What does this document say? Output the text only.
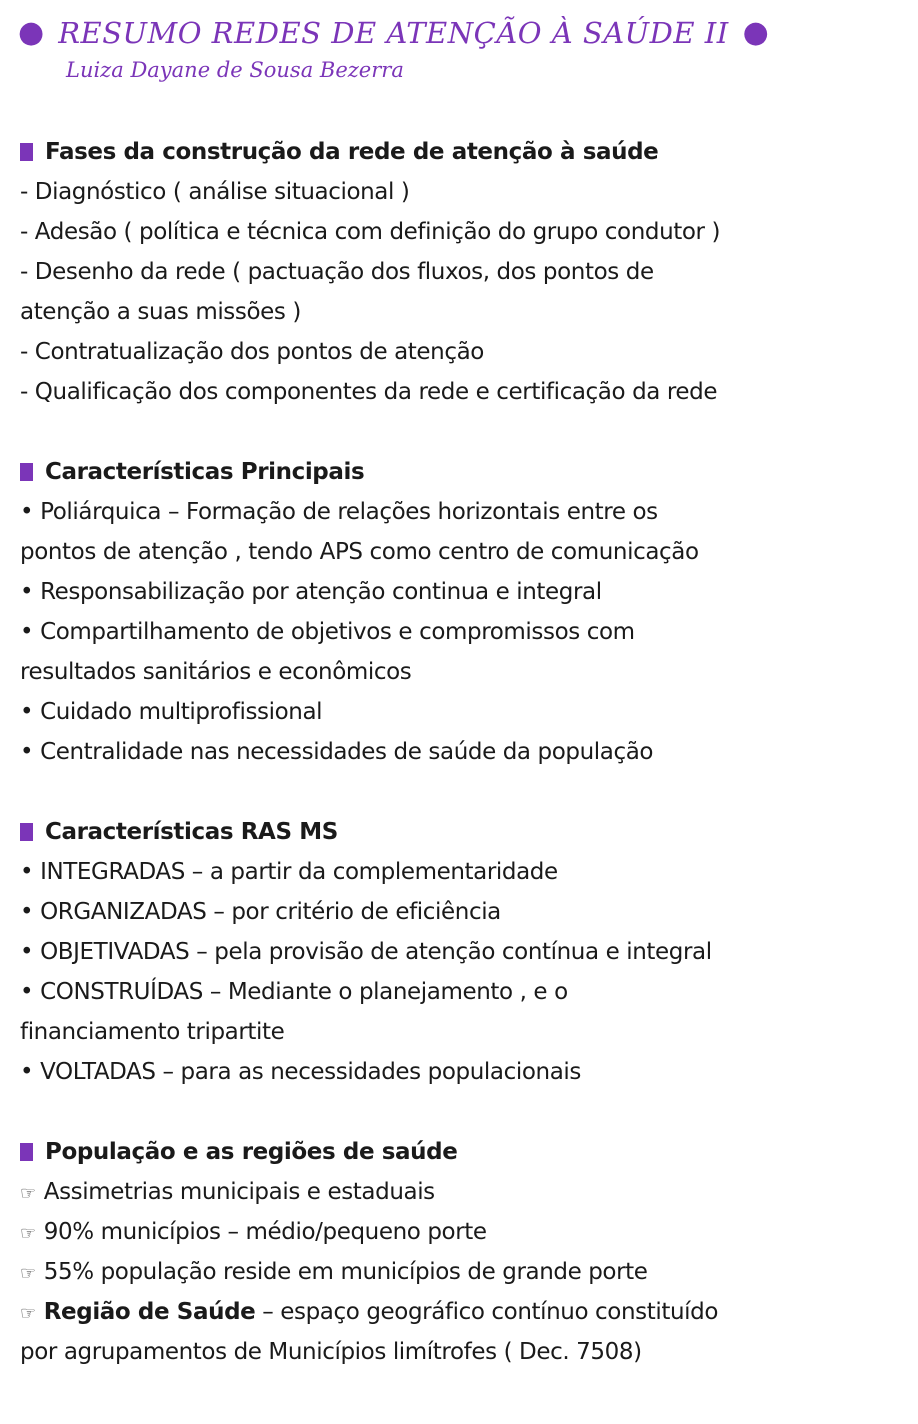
● RESUMO REDES DE ATENÇÃO À SAÚDE II ●
Luiza Dayane de Sousa Bezerra
Fases da construção da rede de atenção à saúde
- Diagnóstico ( análise situacional )
- Adesão ( política e técnica com definição do grupo condutor )
- Desenho da rede ( pactuação dos fluxos, dos pontos de
atenção a suas missões )
- Contratualização dos pontos de atenção
- Qualificação dos componentes da rede e certificação da rede
Características Principais
• Poliárquica – Formação de relações horizontais entre os
pontos de atenção , tendo APS como centro de comunicação
• Responsabilização por atenção continua e integral
• Compartilhamento de objetivos e compromissos com
resultados sanitários e econômicos
• Cuidado multiprofissional
• Centralidade nas necessidades de saúde da população
Características RAS MS
• INTEGRADAS – a partir da complementaridade
• ORGANIZADAS – por critério de eficiência
• OBJETIVADAS – pela provisão de atenção contínua e integral
• CONSTRUÍDAS – Mediante o planejamento , e o
financiamento tripartite
• VOLTADAS – para as necessidades populacionais
População e as regiões de saúde
☞ Assimetrias municipais e estaduais
☞ 90% municípios – médio/pequeno porte
☞ 55% população reside em municípios de grande porte
☞ Região de Saúde – espaço geográfico contínuo constituído
por agrupamentos de Municípios limítrofes ( Dec. 7508)
